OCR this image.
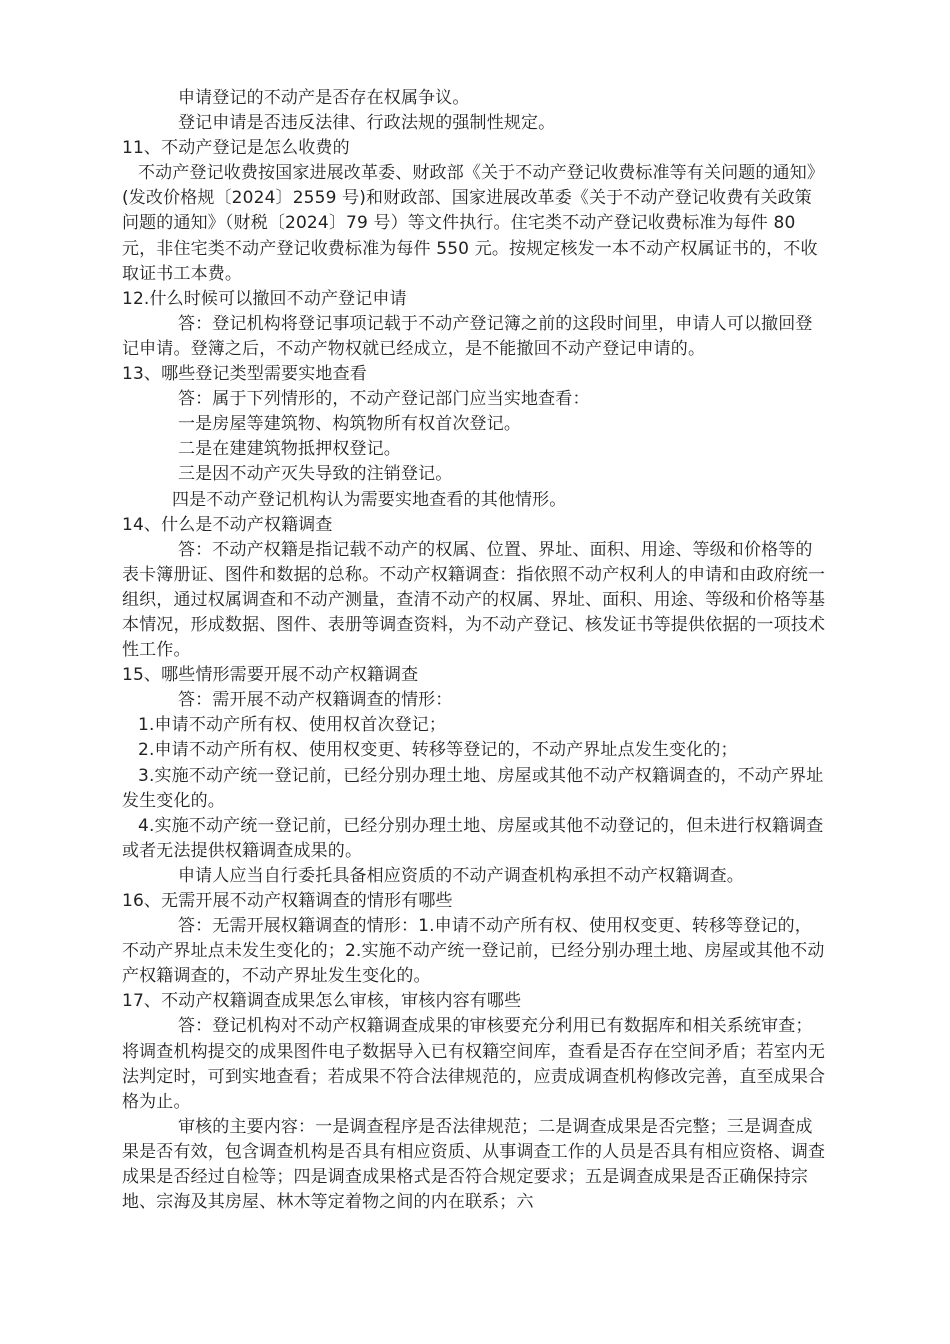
申请登记的不动产是否存在权属争议。

登记申请是否违反法律、行政法规的强制性规定。

11、不动产登记是怎么收费的

不动产登记收费按国家进展改革委、财政部《关于不动产登记收费标准等有关问题的通知》(发改价格规〔2024〕2559 号)和财政部、国家进展改革委《关于不动产登记收费有关政策问题的通知》（财税〔2024〕79 号）等文件执行。住宅类不动产登记收费标准为每件 80 元，非住宅类不动产登记收费标准为每件 550 元。按规定核发一本不动产权属证书的，不收取证书工本费。

12.什么时候可以撤回不动产登记申请

答：登记机构将登记事项记载于不动产登记簿之前的这段时间里，申请人可以撤回登记申请。登簿之后，不动产物权就已经成立，是不能撤回不动产登记申请的。

13、哪些登记类型需要实地查看

答：属于下列情形的，不动产登记部门应当实地查看：

一是房屋等建筑物、构筑物所有权首次登记。

二是在建建筑物抵押权登记。

三是因不动产灭失导致的注销登记。

四是不动产登记机构认为需要实地查看的其他情形。

14、什么是不动产权籍调查

答：不动产权籍是指记载不动产的权属、位置、界址、面积、用途、等级和价格等的表卡簿册证、图件和数据的总称。不动产权籍调查：指依照不动产权利人的申请和由政府统一组织，通过权属调查和不动产测量，查清不动产的权属、界址、面积、用途、等级和价格等基本情况，形成数据、图件、表册等调查资料，为不动产登记、核发证书等提供依据的一项技术性工作。

15、哪些情形需要开展不动产权籍调查

答：需开展不动产权籍调查的情形：

1.申请不动产所有权、使用权首次登记；

2.申请不动产所有权、使用权变更、转移等登记的，不动产界址点发生变化的；

3.实施不动产统一登记前，已经分别办理土地、房屋或其他不动产权籍调查的，不动产界址发生变化的。

4.实施不动产统一登记前，已经分别办理土地、房屋或其他不动登记的，但未进行权籍调查或者无法提供权籍调查成果的。

申请人应当自行委托具备相应资质的不动产调查机构承担不动产权籍调查。

16、无需开展不动产权籍调查的情形有哪些

答：无需开展权籍调查的情形：1.申请不动产所有权、使用权变更、转移等登记的，不动产界址点未发生变化的；2.实施不动产统一登记前，已经分别办理土地、房屋或其他不动产权籍调查的，不动产界址发生变化的。

17、不动产权籍调查成果怎么审核，审核内容有哪些

答：登记机构对不动产权籍调查成果的审核要充分利用已有数据库和相关系统审查；将调查机构提交的成果图件电子数据导入已有权籍空间库，查看是否存在空间矛盾；若室内无法判定时，可到实地查看；若成果不符合法律规范的，应责成调查机构修改完善，直至成果合格为止。

审核的主要内容：一是调查程序是否法律规范；二是调查成果是否完整；三是调查成果是否有效，包含调查机构是否具有相应资质、从事调查工作的人员是否具有相应资格、调查成果是否经过自检等；四是调查成果格式是否符合规定要求；五是调查成果是否正确保持宗地、宗海及其房屋、林木等定着物之间的内在联系；六
